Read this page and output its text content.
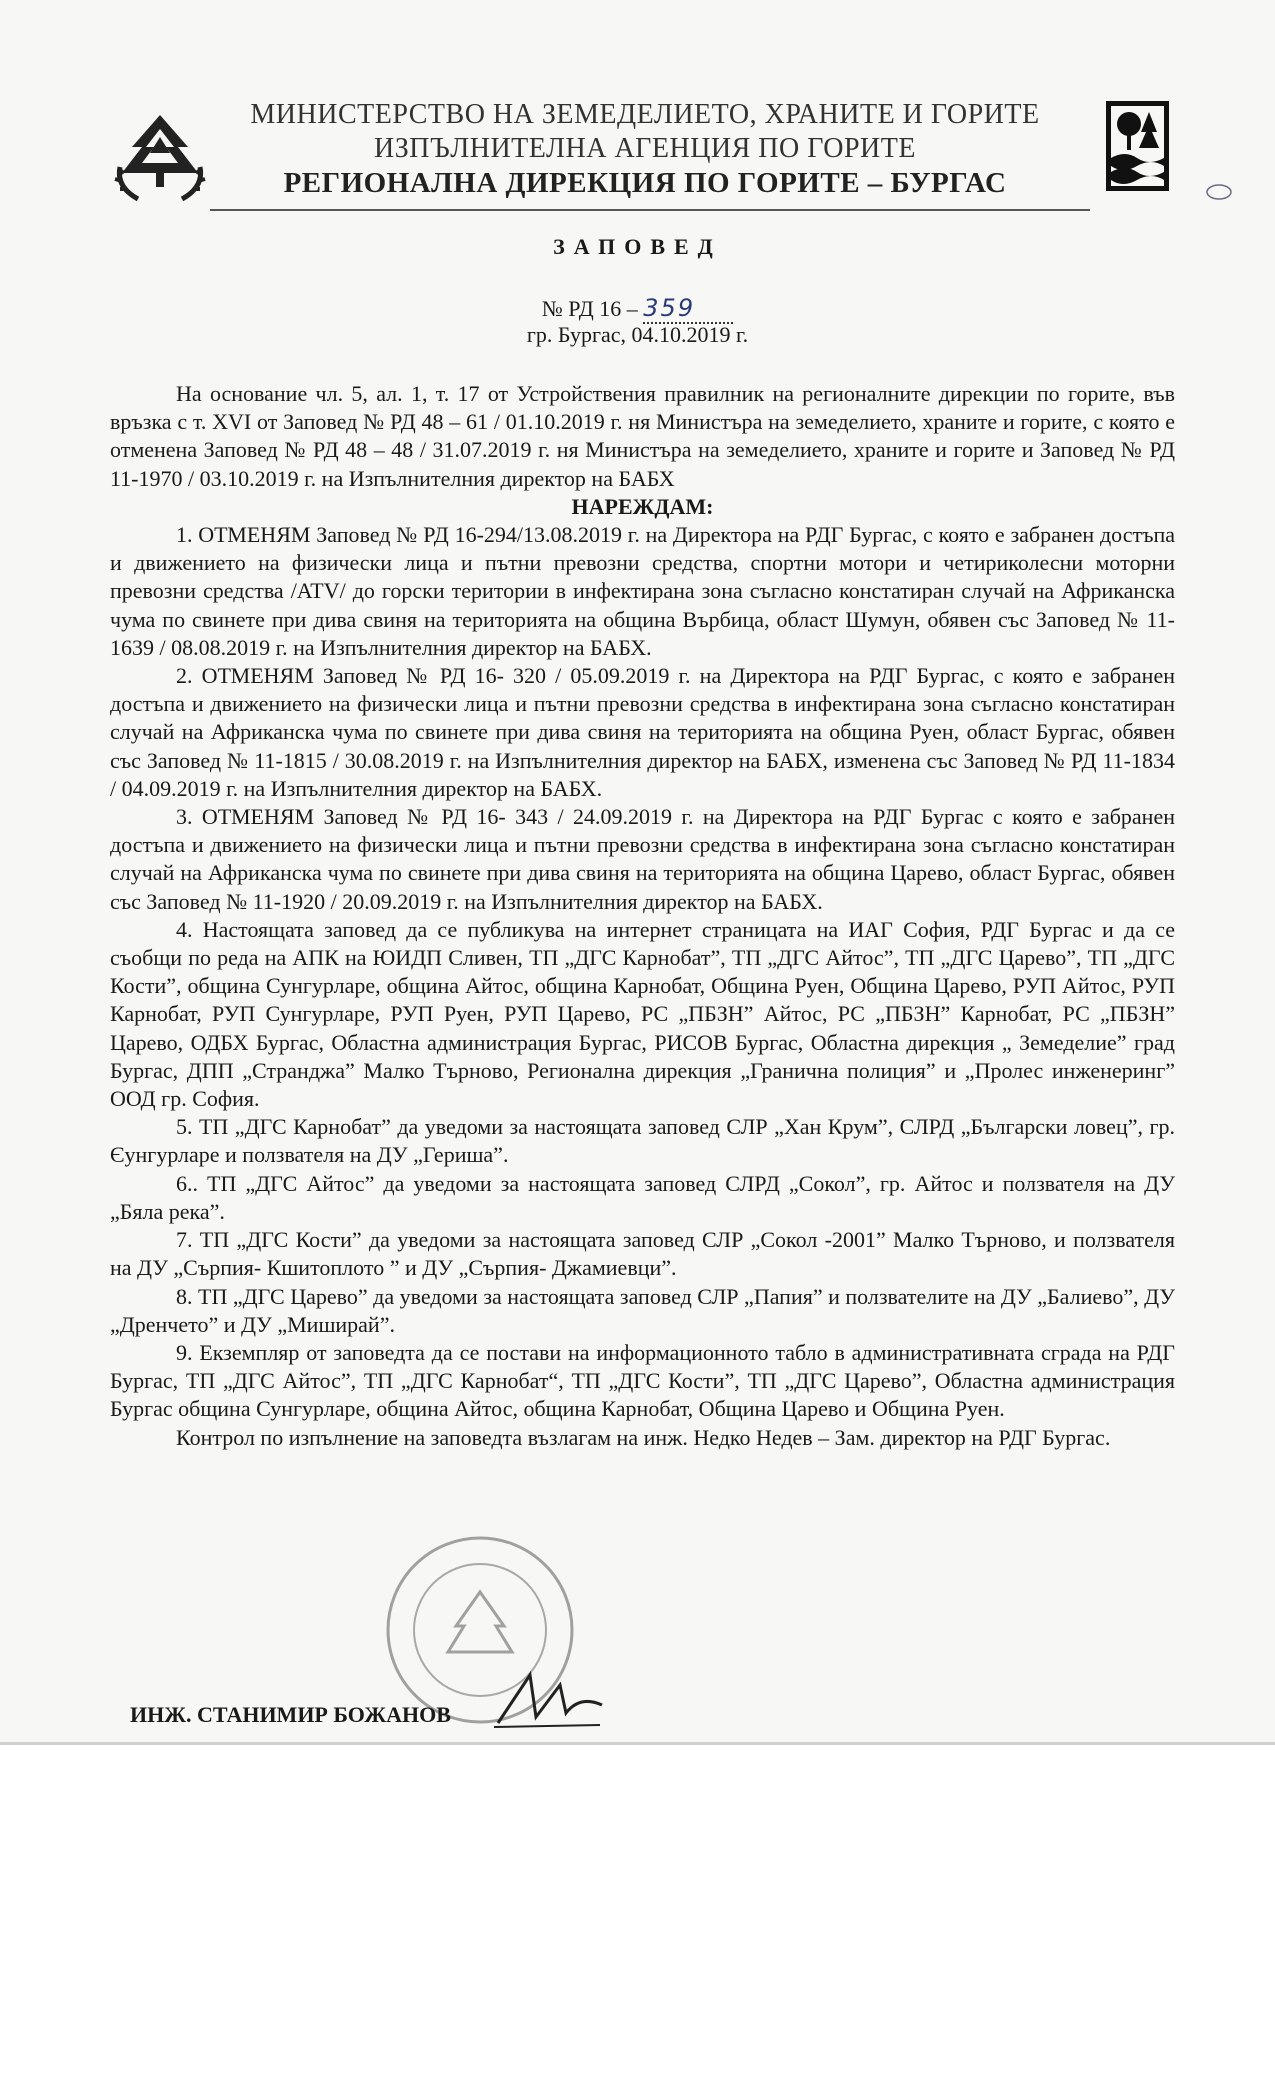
МИНИСТЕРСТВО НА ЗЕМЕДЕЛИЕТО, ХРАНИТЕ И ГОРИТЕ
ИЗПЪЛНИТЕЛНА АГЕНЦИЯ ПО ГОРИТЕ
РЕГИОНАЛНА ДИРЕКЦИЯ ПО ГОРИТЕ – БУРГАС
ЗАПОВЕД
№ РД 16 – 359
гр. Бургас, 04.10.2019 г.

На основание чл. 5, ал. 1, т. 17 от Устройствения правилник на регионалните дирекции по горите, във връзка с т. XVI от Заповед № РД 48 – 61 / 01.10.2019 г. ня Министъра на земеделието, храните и горите, с която е отменена Заповед № РД 48 – 48 / 31.07.2019 г. ня Министъра на земеделието, храните и горите и Заповед № РД 11-1970 / 03.10.2019 г. на Изпълнителния директор на БАБХ

НАРЕЖДАМ:

1. ОТМЕНЯМ Заповед № РД 16-294/13.08.2019 г. на Директора на РДГ Бургас, с която е забранен достъпа и движението на физически лица и пътни превозни средства, спортни мотори и четириколесни моторни превозни средства /ATV/ до горски територии в инфектирана зона съгласно констатиран случай на Африканска чума по свинете при дива свиня на територията на община Върбица, област Шумун, обявен със Заповед № 11-1639 / 08.08.2019 г. на Изпълнителния директор на БАБХ.

2. ОТМЕНЯМ Заповед № РД 16- 320 / 05.09.2019 г. на Директора на РДГ Бургас, с която е забранен достъпа и движението на физически лица и пътни превозни средства в инфектирана зона съгласно констатиран случай на Африканска чума по свинете при дива свиня на територията на община Руен, област Бургас, обявен със Заповед № 11-1815 / 30.08.2019 г. на Изпълнителния директор на БАБХ, изменена със Заповед № РД 11-1834 / 04.09.2019 г. на Изпълнителния директор на БАБХ.

3. ОТМЕНЯМ Заповед № РД 16- 343 / 24.09.2019 г. на Директора на РДГ Бургас с която е забранен достъпа и движението на физически лица и пътни превозни средства в инфектирана зона съгласно констатиран случай на Африканска чума по свинете при дива свиня на територията на община Царево, област Бургас, обявен със Заповед № 11-1920 / 20.09.2019 г. на Изпълнителния директор на БАБХ.

4. Настоящата заповед да се публикува на интернет страницата на ИАГ София, РДГ Бургас и да се съобщи по реда на АПК на ЮИДП Сливен, ТП „ДГС Карнобат”, ТП „ДГС Айтос”, ТП „ДГС Царево”, ТП „ДГС Кости”, община Сунгурларе, община Айтос, община Карнобат, Община Руен, Община Царево, РУП Айтос, РУП Карнобат, РУП Сунгурларе, РУП Руен, РУП Царево, РС „ПБЗН” Айтос, РС „ПБЗН” Карнобат, РС „ПБЗН” Царево, ОДБХ Бургас, Областна администрация Бургас, РИСОВ Бургас, Областна дирекция „ Земеделие” град Бургас, ДПП „Странджа” Малко Търново, Регионална дирекция „Гранична полиция” и „Пролес инженеринг” ООД гр. София.

5. ТП „ДГС Карнобат” да уведоми за настоящата заповед СЛР „Хан Крум”, СЛРД „Български ловец”, гр. Єунгурларе и ползвателя на ДУ „Гериша”.

6.. ТП „ДГС Айтос” да уведоми за настоящата заповед СЛРД „Сокол”, гр. Айтос и ползвателя на ДУ „Бяла река”.

7. ТП „ДГС Кости” да уведоми за настоящата заповед СЛР „Сокол -2001” Малко Търново, и ползвателя на ДУ „Сърпия- Кшитоплото ” и ДУ „Сърпия- Джамиевци”.

8. ТП „ДГС Царево” да уведоми за настоящата заповед СЛР „Папия” и ползвателите на ДУ „Балиево”, ДУ „Дренчето” и ДУ „Миширай”.

9. Екземпляр от заповедта да се постави на информационното табло в административната сграда на РДГ Бургас, ТП „ДГС Айтос”, ТП „ДГС Карнобат“, ТП „ДГС Кости”, ТП „ДГС Царево”, Областна администрация Бургас община Сунгурларе, община Айтос, община Карнобат, Община Царево и Община Руен.

Контрол по изпълнение на заповедта възлагам на инж. Недко Недев – Зам. директор на РДГ Бургас.

ИНЖ. СТАНИМИР БОЖАНОВ
